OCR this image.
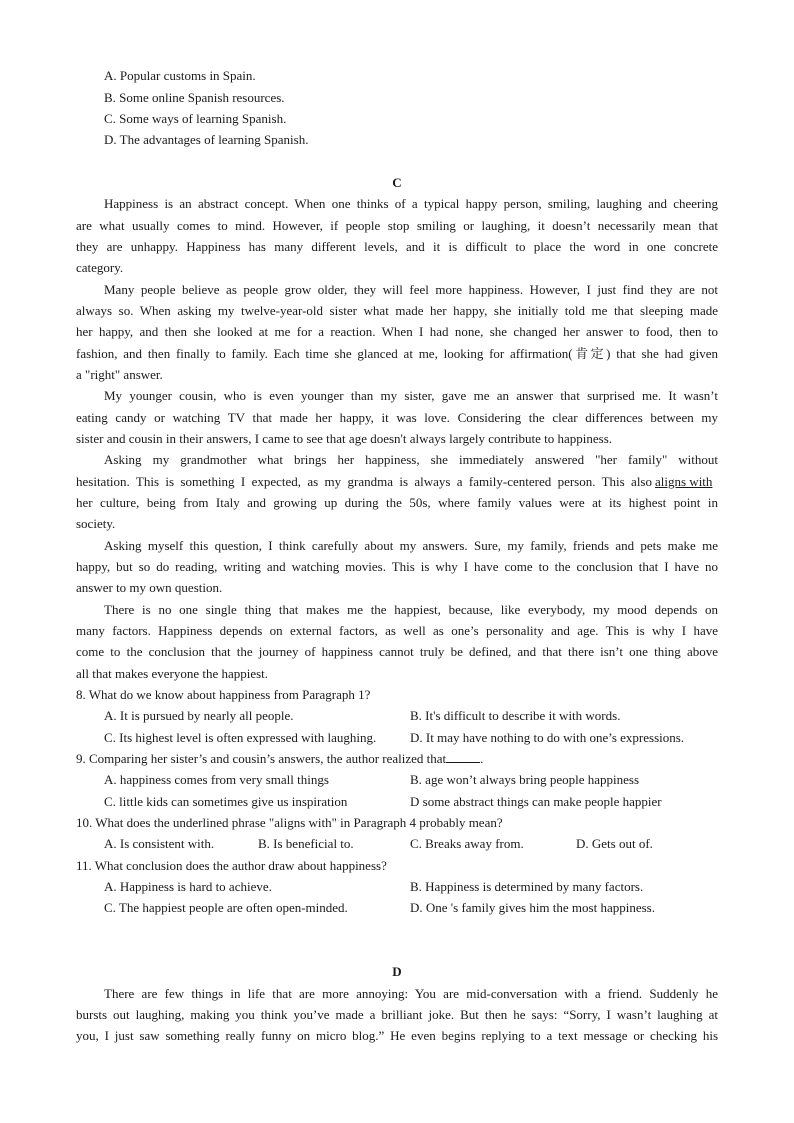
A. Popular customs in Spain.
B. Some online Spanish resources.
C. Some ways of learning Spanish.
D. The advantages of learning Spanish.
C
Happiness is an abstract concept. When one thinks of a typical happy person, smiling, laughing and cheering
are what usually comes to mind. However, if people stop smiling or laughing, it doesn’t necessarily mean that
they are unhappy. Happiness has many different levels, and it is difficult to place the word in one concrete
category.
Many people believe as people grow older, they will feel more happiness. However, I just find they are not
always so. When asking my twelve-year-old sister what made her happy, she initially told me that sleeping made
her happy, and then she looked at me for a reaction. When I had none, she changed her answer to food, then to
fashion, and then finally to family. Each time she glanced at me, looking for affirmation(肯定) that she had given
a "right" answer.
My younger cousin, who is even younger than my sister, gave me an answer that surprised me. It wasn’t
eating candy or watching TV that made her happy, it was love. Considering the clear differences between my
sister and cousin in their answers, I came to see that age doesn't always largely contribute to happiness.
Asking my grandmother what brings her happiness, she immediately answered "her family" without
hesitation. This is something I expected, as my grandma is always a family-centered person. This also aligns with
her culture, being from Italy and growing up during the 50s, where family values were at its highest point in
society.
Asking myself this question, I think carefully about my answers. Sure, my family, friends and pets make me
happy, but so do reading, writing and watching movies. This is why I have come to the conclusion that I have no
answer to my own question.
There is no one single thing that makes me the happiest, because, like everybody, my mood depends on
many factors. Happiness depends on external factors, as well as one’s personality and age. This is why I have
come to the conclusion that the journey of happiness cannot truly be defined, and that there isn’t one thing above
all that makes everyone the happiest.
8. What do we know about happiness from Paragraph 1?
A. It is pursued by nearly all people.	B. It's difficult to describe it with words.
C. Its highest level is often expressed with laughing.	D. It may have nothing to do with one’s expressions.
9. Comparing her sister’s and cousin’s answers, the author realized that	.
A. happiness comes from very small things	B. age won’t always bring people happiness
C. little kids can sometimes give us inspiration	D some abstract things can make people happier
10. What does the underlined phrase "aligns with" in Paragraph 4 probably mean?
A. Is consistent with.	B. Is beneficial to.	C. Breaks away from.	D. Gets out of.
11. What conclusion does the author draw about happiness?
A. Happiness is hard to achieve.	B. Happiness is determined by many factors.
C. The happiest people are often open-minded.	D. One 's family gives him the most happiness.
D
There are few things in life that are more annoying: You are mid-conversation with a friend. Suddenly he
bursts out laughing, making you think you’ve made a brilliant joke. But then he says: “Sorry, I wasn’t laughing at
you, I just saw something really funny on micro blog.” He even begins replying to a text message or checking his
